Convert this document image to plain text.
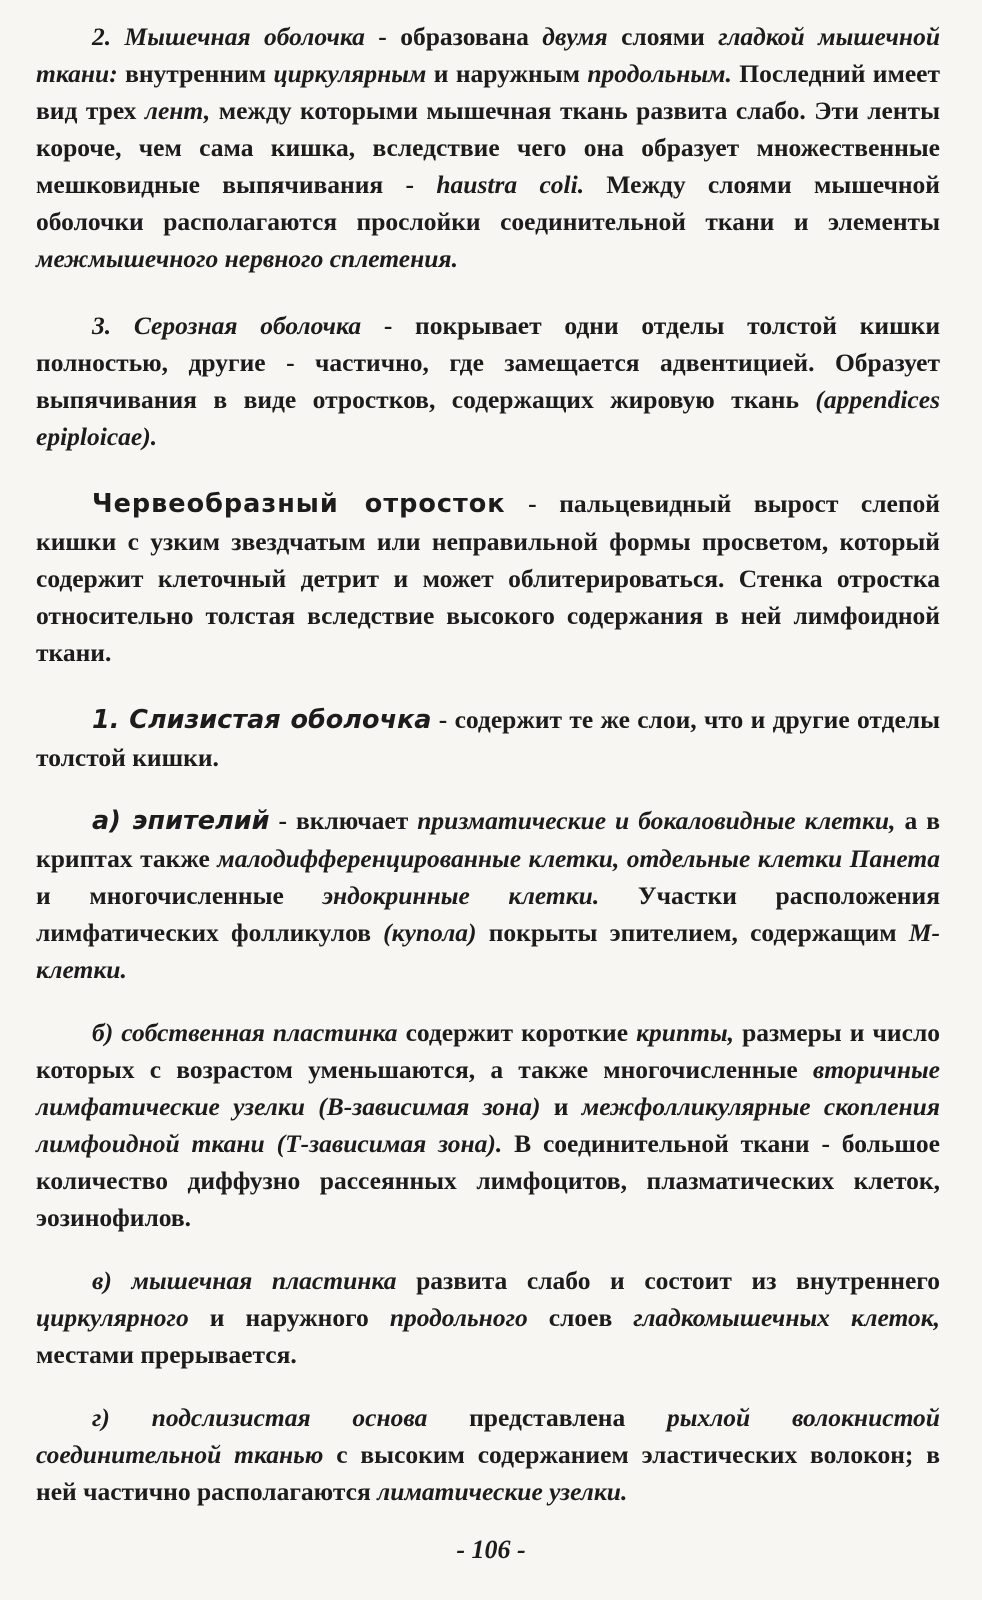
2. Мышечная оболочка - образована двумя слоями гладкой мышечной ткани: внутренним циркулярным и наружным продольным. Последний имеет вид трех лент, между которыми мышечная ткань развита слабо. Эти ленты короче, чем сама кишка, вследствие чего она образует множественные мешковидные выпячивания - haustra coli. Между слоями мышечной оболочки располагаются прослойки соединительной ткани и элементы межмышечного нервного сплетения.

3. Серозная оболочка - покрывает одни отделы толстой кишки полностью, другие - частично, где замещается адвентицией. Образует выпячивания в виде отростков, содержащих жировую ткань (appendices epiploicae).

Червеобразный отросток - пальцевидный вырост слепой кишки с узким звездчатым или неправильной формы просветом, который содержит клеточный детрит и может облитерироваться. Стенка отростка относительно толстая вследствие высокого содержания в ней лимфоидной ткани.

1. Слизистая оболочка - содержит те же слои, что и другие отделы толстой кишки.

а) эпителий - включает призматические и бокаловидные клетки, а в криптах также малодифференцированные клетки, отдельные клетки Панета и многочисленные эндокринные клетки. Участки расположения лимфатических фолликулов (купола) покрыты эпителием, содержащим М-клетки.

б) собственная пластинка содержит короткие крипты, размеры и число которых с возрастом уменьшаются, а также многочисленные вторичные лимфатические узелки (В-зависимая зона) и межфолликулярные скопления лимфоидной ткани (Т-зависимая зона). В соединительной ткани - большое количество диффузно рассеянных лимфоцитов, плазматических клеток, эозинофилов.

в) мышечная пластинка развита слабо и состоит из внутреннего циркулярного и наружного продольного слоев гладкомышечных клеток, местами прерывается.

г) подслизистая основа представлена рыхлой волокнистой соединительной тканью с высоким содержанием эластических волокон; в ней частично располагаются лиматические узелки.

- 106 -
